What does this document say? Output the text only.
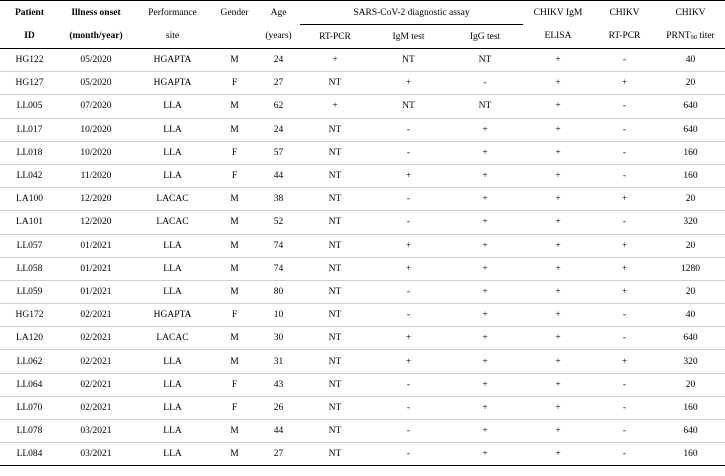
Patient	Illness onset	Performance	Gender	Age	SARS-CoV-2 diagnostic assay			CHIKV IgM	CHIKV	CHIKV
ID	(month/year)	site		(years)	RT-PCR	IgM test	IgG test	ELISA	RT-PCR	$PRNT_{90}$ titer
HG122	05/2020	HGAPTA	M	24	+	NT	NT	+	-	40
HG127	05/2020	HGAPTA	F	27	NT	+	-	+	+	20
LL005	07/2020	LLA	M	62	+	NT	NT	+	-	640
LL017	10/2020	LLA	M	24	NT	-	+	+	-	640
LL018	10/2020	LLA	F	57	NT	-	+	+	-	160
LL042	11/2020	LLA	F	44	NT	+	+	+	-	160
LA100	12/2020	LACAC	M	38	NT	-	+	+	+	20
LA101	12/2020	LACAC	M	52	NT	-	+	+	-	320
LL057	01/2021	LLA	M	74	NT	+	+	+	+	20
LL058	01/2021	LLA	M	74	NT	+	+	+	+	1280
LL059	01/2021	LLA	M	80	NT	-	+	+	+	20
HG172	02/2021	HGAPTA	F	10	NT	-	+	+	-	40
LA120	02/2021	LACAC	M	30	NT	+	+	+	-	640
LL062	02/2021	LLA	M	31	NT	+	+	+	+	320
LL064	02/2021	LLA	F	43	NT	-	+	+	-	20
LL070	02/2021	LLA	F	26	NT	-	+	+	-	160
LL078	03/2021	LLA	M	44	NT	-	+	+	-	640
LL084	03/2021	LLA	M	27	NT	-	+	+	-	160
